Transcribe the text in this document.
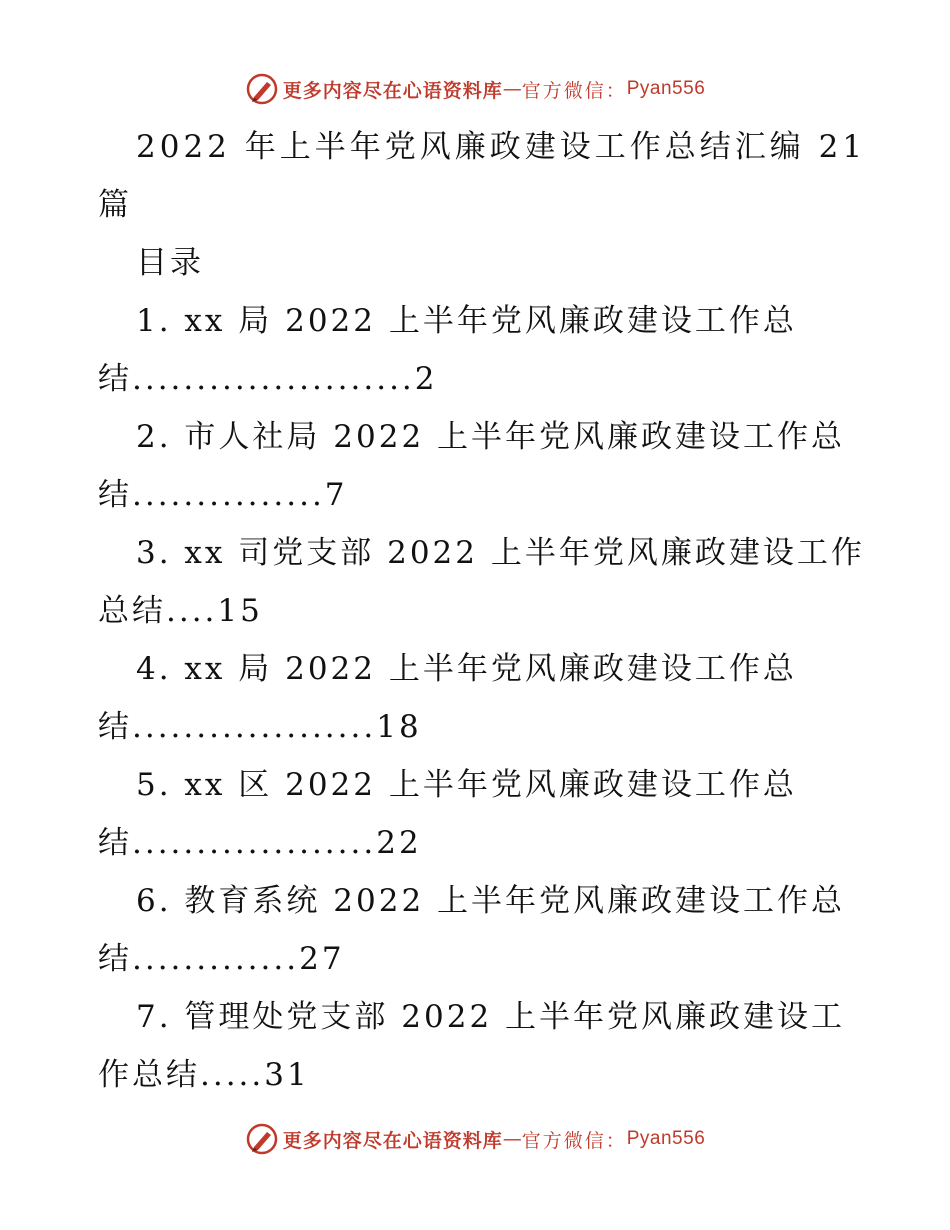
更多内容尽在心语资料库 — 官方微信： Pyan556
2022 年上半年党风廉政建设工作总结汇编 21
篇
目录
1. xx 局 2022 上半年党风廉政建设工作总
结......................2
2. 市人社局 2022 上半年党风廉政建设工作总
结...............7
3. xx 司党支部 2022 上半年党风廉政建设工作
总结....15
4. xx 局 2022 上半年党风廉政建设工作总
结...................18
5. xx 区 2022 上半年党风廉政建设工作总
结...................22
6. 教育系统 2022 上半年党风廉政建设工作总
结.............27
7. 管理处党支部 2022 上半年党风廉政建设工
作总结.....31
更多内容尽在心语资料库 — 官方微信： Pyan556
